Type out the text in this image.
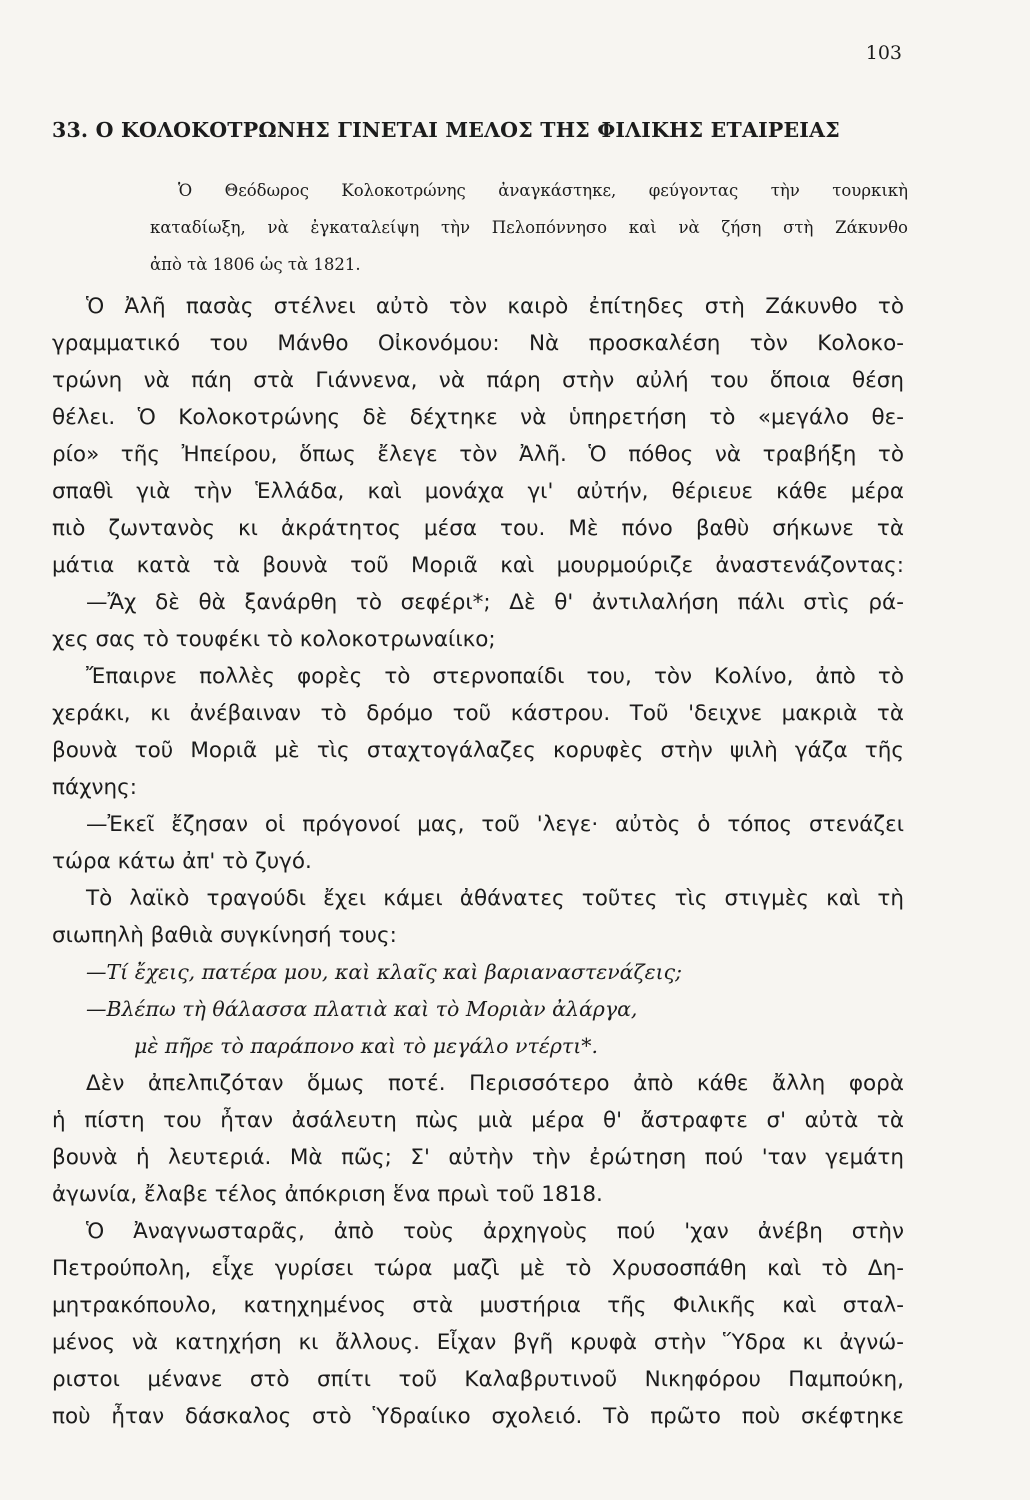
103
33. Ο ΚΟΛΟΚΟΤΡΩΝΗΣ ΓΙΝΕΤΑΙ ΜΕΛΟΣ ΤΗΣ ΦΙΛΙΚΗΣ ΕΤΑΙΡΕΙΑΣ
Ὁ Θεόδωρος Κολοκοτρώνης ἀναγκάστηκε, φεύγοντας τὴν τουρκικὴ
καταδίωξη, νὰ ἐγκαταλείψη τὴν Πελοπόννησο καὶ νὰ ζήση στὴ Ζάκυνθο
ἀπὸ τὰ 1806 ὡς τὰ 1821.
Ὁ Ἀλῆ πασὰς στέλνει αὐτὸ τὸν καιρὸ ἐπίτηδες στὴ Ζάκυνθο τὸ
γραμματικό του Μάνθο Οἰκονόμου: Νὰ προσκαλέση τὸν Κολοκο-
τρώνη νὰ πάη στὰ Γιάννενα, νὰ πάρη στὴν αὐλή του ὅποια θέση
θέλει. Ὁ Κολοκοτρώνης δὲ δέχτηκε νὰ ὑπηρετήση τὸ «μεγάλο θε-
ρίο» τῆς Ἠπείρου, ὅπως ἔλεγε τὸν Ἀλῆ. Ὁ πόθος νὰ τραβήξη τὸ
σπαθὶ γιὰ τὴν Ἑλλάδα, καὶ μονάχα γι' αὐτήν, θέριευε κάθε μέρα
πιὸ ζωντανὸς κι ἀκράτητος μέσα του. Μὲ πόνο βαθὺ σήκωνε τὰ
μάτια κατὰ τὰ βουνὰ τοῦ Μοριᾶ καὶ μουρμούριζε ἀναστενάζοντας:
—Ἄχ δὲ θὰ ξανάρθη τὸ σεφέρι*; Δὲ θ' ἀντιλαλήση πάλι στὶς ρά-
χες σας τὸ τουφέκι τὸ κολοκοτρωναίικο;
Ἔπαιρνε πολλὲς φορὲς τὸ στερνοπαίδι του, τὸν Κολίνο, ἀπὸ τὸ
χεράκι, κι ἀνέβαιναν τὸ δρόμο τοῦ κάστρου. Τοῦ 'δειχνε μακριὰ τὰ
βουνὰ τοῦ Μοριᾶ μὲ τὶς σταχτογάλαζες κορυφὲς στὴν ψιλὴ γάζα τῆς
πάχνης:
—Ἐκεῖ ἔζησαν οἱ πρόγονοί μας, τοῦ 'λεγε· αὐτὸς ὁ τόπος στενάζει
τώρα κάτω ἀπ' τὸ ζυγό.
Τὸ λαϊκὸ τραγούδι ἔχει κάμει ἀθάνατες τοῦτες τὶς στιγμὲς καὶ τὴ
σιωπηλὴ βαθιὰ συγκίνησή τους:
—Τί ἔχεις, πατέρα μου, καὶ κλαῖς καὶ βαριαναστενάζεις;
—Βλέπω τὴ θάλασσα πλατιὰ καὶ τὸ Μοριὰν ἀλάργα,
μὲ πῆρε τὸ παράπονο καὶ τὸ μεγάλο ντέρτι*.
Δὲν ἀπελπιζόταν ὅμως ποτέ. Περισσότερο ἀπὸ κάθε ἄλλη φορὰ
ἡ πίστη του ἦταν ἀσάλευτη πὼς μιὰ μέρα θ' ἄστραφτε σ' αὐτὰ τὰ
βουνὰ ἡ λευτεριά. Μὰ πῶς; Σ' αὐτὴν τὴν ἐρώτηση πού 'ταν γεμάτη
ἀγωνία, ἔλαβε τέλος ἀπόκριση ἕνα πρωὶ τοῦ 1818.
Ὁ Ἀναγνωσταρᾶς, ἀπὸ τοὺς ἀρχηγοὺς πού 'χαν ἀνέβη στὴν
Πετρούπολη, εἶχε γυρίσει τώρα μαζὶ μὲ τὸ Χρυσοσπάθη καὶ τὸ Δη-
μητρακόπουλο, κατηχημένος στὰ μυστήρια τῆς Φιλικῆς καὶ σταλ-
μένος νὰ κατηχήση κι ἄλλους. Εἶχαν βγῆ κρυφὰ στὴν Ὕδρα κι ἀγνώ-
ριστοι μένανε στὸ σπίτι τοῦ Καλαβρυτινοῦ Νικηφόρου Παμπούκη,
ποὺ ἦταν δάσκαλος στὸ Ὑδραίικο σχολειό. Τὸ πρῶτο ποὺ σκέφτηκε
